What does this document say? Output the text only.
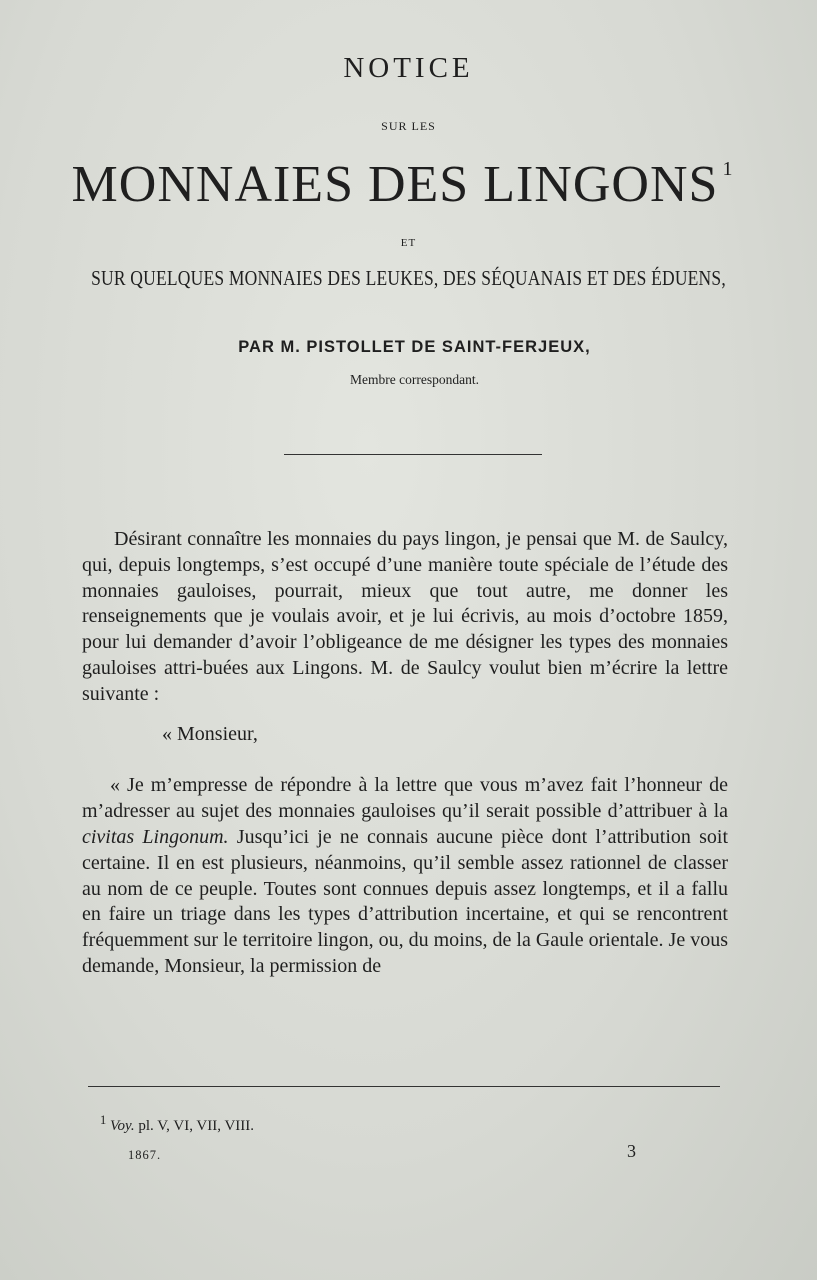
NOTICE
SUR LES
MONNAIES DES LINGONS $^1$
ET
SUR QUELQUES MONNAIES DES LEUKES, DES SÉQUANAIS ET DES ÉDUENS,
PAR M. PISTOLLET DE SAINT-FERJEUX,
Membre correspondant.

Désirant connaître les monnaies du pays lingon, je pensai que M. de Saulcy, qui, depuis longtemps, s’est occupé d’une manière toute spéciale de l’étude des monnaies gauloises, pourrait, mieux que tout autre, me donner les renseignements que je voulais avoir, et je lui écrivis, au mois d’octobre 1859, pour lui demander d’avoir l’obligeance de me désigner les types des monnaies gauloises attri-buées aux Lingons. M. de Saulcy voulut bien m’écrire la lettre suivante :

« Monsieur,

« Je m’empresse de répondre à la lettre que vous m’avez fait l’honneur de m’adresser au sujet des monnaies gauloises qu’il serait possible d’attribuer à la civitas Lingonum. Jusqu’ici je ne connais aucune pièce dont l’attribution soit certaine. Il en est plusieurs, néanmoins, qu’il semble assez rationnel de classer au nom de ce peuple. Toutes sont connues depuis assez longtemps, et il a fallu en faire un triage dans les types d’attribution incertaine, et qui se rencontrent fréquemment sur le territoire lingon, ou, du moins, de la Gaule orientale. Je vous demande, Monsieur, la permission de

$^1$ Voy. pl. V, VI, VII, VIII.
1867.	3
